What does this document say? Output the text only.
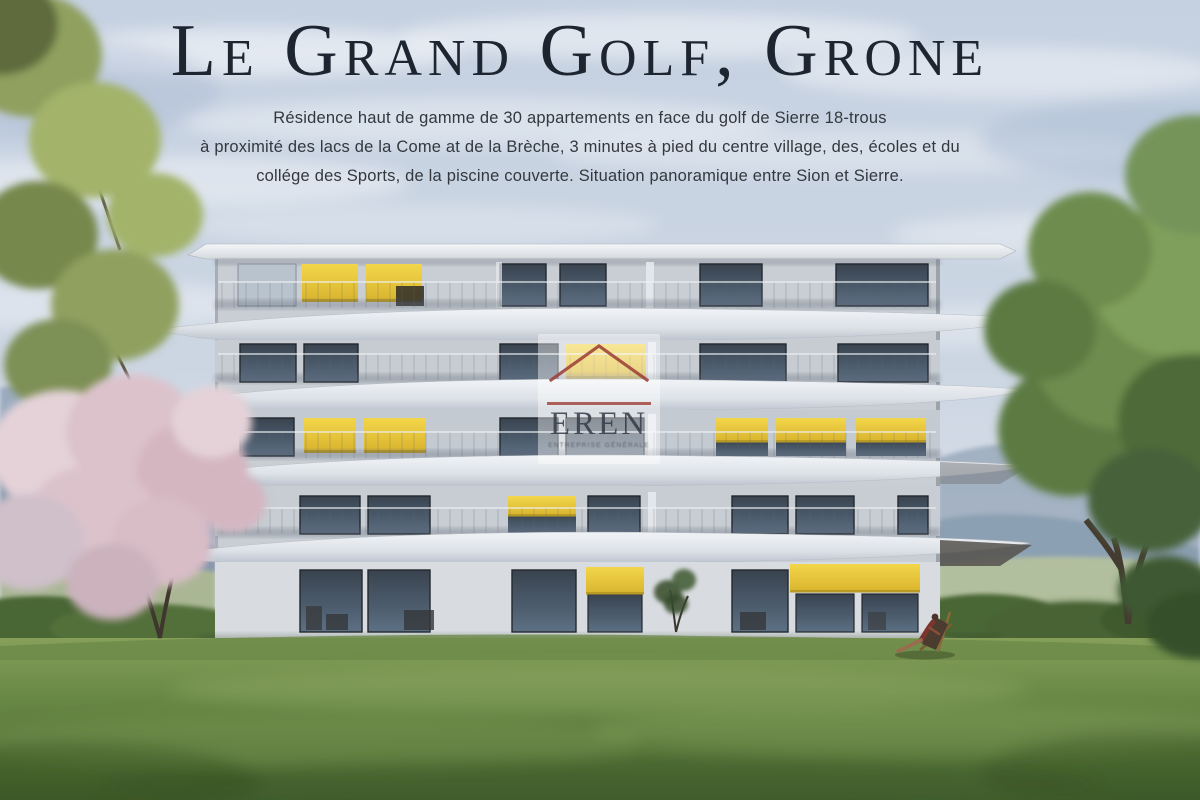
Le Grand Golf, Grone
Résidence haut de gamme de 30 appartements en face du golf de Sierre 18-trous
à proximité des lacs de la Come at de la Brèche, 3 minutes à pied du centre village, des, écoles et du
collége des Sports, de la piscine couverte. Situation panoramique entre Sion et Sierre.
EREN
ENTREPRISE GÉNÉRALE
